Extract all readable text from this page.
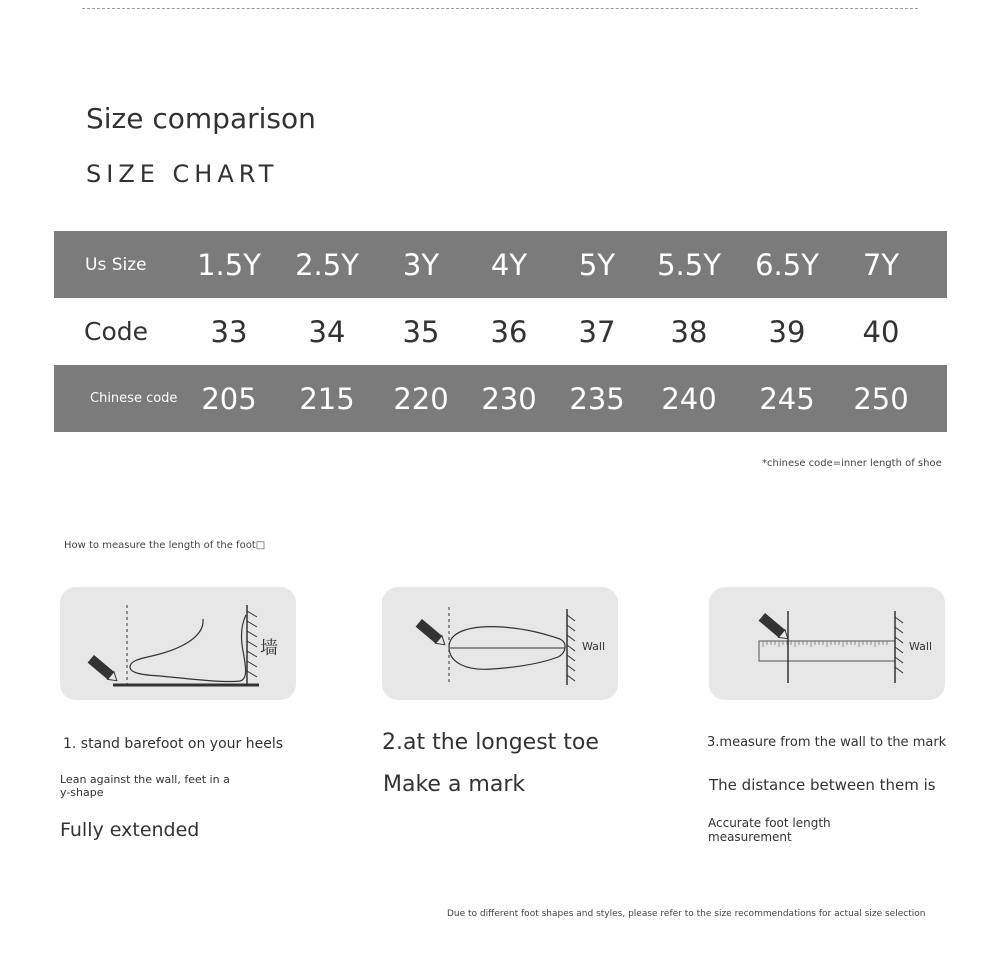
Size comparison
SIZE CHART
Us Size	1.5Y	2.5Y	3Y	4Y	5Y	5.5Y	6.5Y	7Y
Code	33	34	35	36	37	38	39	40
Chinese code 205	215	220	230	235	240	245	250
*chinese code=inner length of shoe
How to measure the length of the foot□
墙	Wall	Wall
1. stand barefoot on your heels
Lean against the wall, feet in a y-shape
Fully extended
2.at the longest toe
Make a mark
3.measure from the wall to the mark
The distance between them is
Accurate foot length measurement
Due to different foot shapes and styles, please refer to the size recommendations for actual size selection
